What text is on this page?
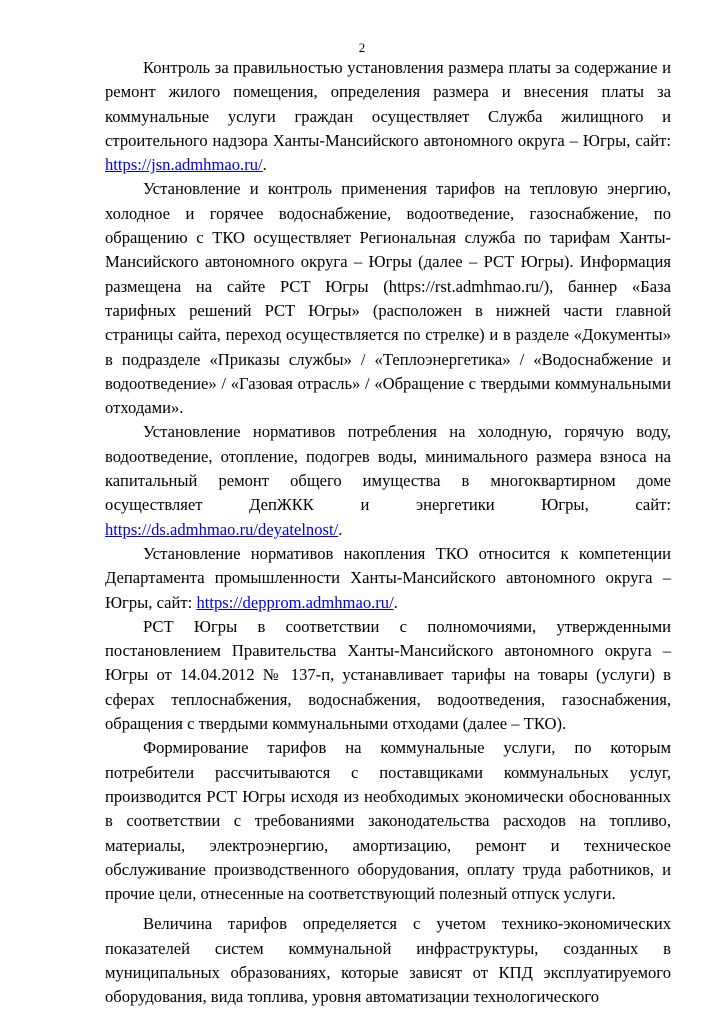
2

Контроль за правильностью установления размера платы за содержание и ремонт жилого помещения, определения размера и внесения платы за коммунальные услуги граждан осуществляет Служба жилищного и строительного надзора Ханты-Мансийского автономного округа – Югры, сайт: https://jsn.admhmao.ru/.

Установление и контроль применения тарифов на тепловую энергию, холодное и горячее водоснабжение, водоотведение, газоснабжение, по обращению с ТКО осуществляет Региональная служба по тарифам Ханты-Мансийского автономного округа – Югры (далее – РСТ Югры). Информация размещена на сайте РСТ Югры (https://rst.admhmao.ru/), баннер «База тарифных решений РСТ Югры» (расположен в нижней части главной страницы сайта, переход осуществляется по стрелке) и в разделе «Документы» в подразделе «Приказы службы» / «Теплоэнергетика» / «Водоснабжение и водоотведение» / «Газовая отрасль» / «Обращение с твердыми коммунальными отходами».

Установление нормативов потребления на холодную, горячую воду, водоотведение, отопление, подогрев воды, минимального размера взноса на капитальный ремонт общего имущества в многоквартирном доме осуществляет ДепЖКК и энергетики Югры, сайт: https://ds.admhmao.ru/deyatelnost/.

Установление нормативов накопления ТКО относится к компетенции Департамента промышленности Ханты-Мансийского автономного округа – Югры, сайт: https://depprom.admhmao.ru/.

РСТ Югры в соответствии с полномочиями, утвержденными постановлением Правительства Ханты-Мансийского автономного округа – Югры от 14.04.2012 № 137-п, устанавливает тарифы на товары (услуги) в сферах теплоснабжения, водоснабжения, водоотведения, газоснабжения, обращения с твердыми коммунальными отходами (далее – ТКО).

Формирование тарифов на коммунальные услуги, по которым потребители рассчитываются с поставщиками коммунальных услуг, производится РСТ Югры исходя из необходимых экономически обоснованных в соответствии с требованиями законодательства расходов на топливо, материалы, электроэнергию, амортизацию, ремонт и техническое обслуживание производственного оборудования, оплату труда работников, и прочие цели, отнесенные на соответствующий полезный отпуск услуги.

Величина тарифов определяется с учетом технико-экономических показателей систем коммунальной инфраструктуры, созданных в муниципальных образованиях, которые зависят от КПД эксплуатируемого оборудования, вида топлива, уровня автоматизации технологического
